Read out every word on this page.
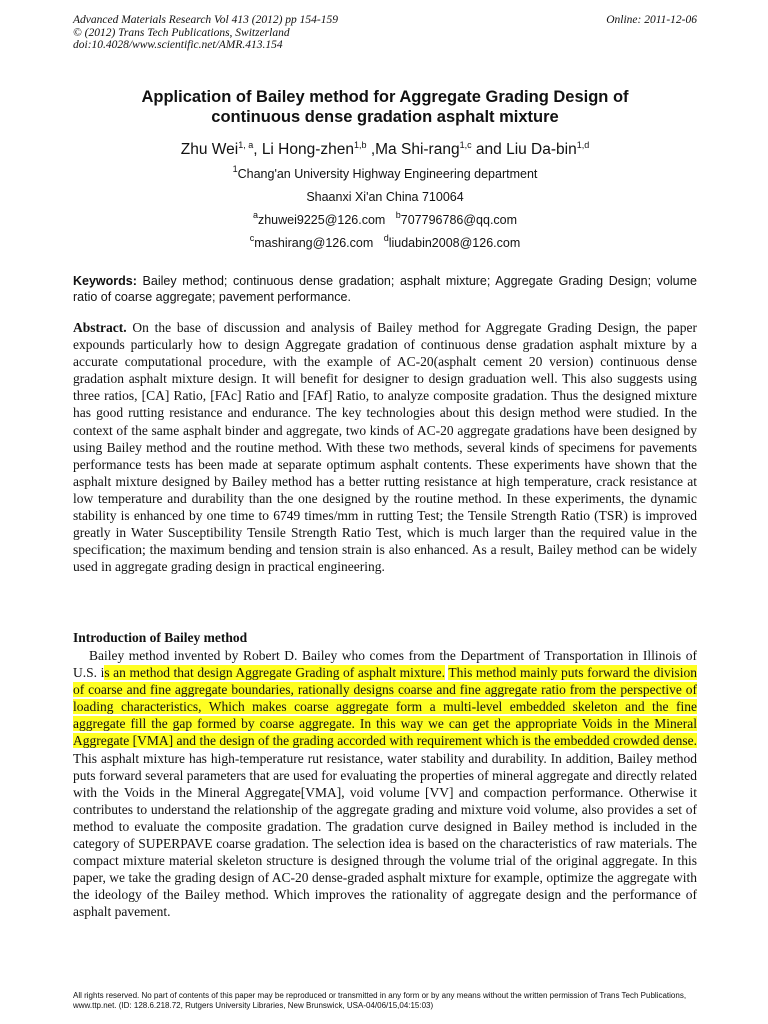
Advanced Materials Research Vol 413 (2012) pp 154-159
© (2012) Trans Tech Publications, Switzerland
doi:10.4028/www.scientific.net/AMR.413.154
Online: 2011-12-06
Application of Bailey method for Aggregate Grading Design of
continuous dense gradation asphalt mixture
Zhu Wei$^{1, a}$, Li Hong-zhen$^{1,b}$ ,Ma Shi-rang$^{1,c}$ and Liu Da-bin$^{1,d}$
$^1$Chang'an University Highway Engineering department
Shaanxi Xi'an China 710064
$^a$zhuwei9225@126.com $^b$707796786@qq.com
$^c$mashirang@126.com $^d$liudabin2008@126.com
Keywords: Bailey method; continuous dense gradation; asphalt mixture; Aggregate Grading Design; volume ratio of coarse aggregate; pavement performance.
Abstract. On the base of discussion and analysis of Bailey method for Aggregate Grading Design, the paper expounds particularly how to design Aggregate gradation of continuous dense gradation asphalt mixture by a accurate computational procedure, with the example of AC-20(asphalt cement 20 version) continuous dense gradation asphalt mixture design. It will benefit for designer to design graduation well. This also suggests using three ratios, [CA] Ratio, [FAc] Ratio and [FAf] Ratio, to analyze composite gradation. Thus the designed mixture has good rutting resistance and endurance. The key technologies about this design method were studied. In the context of the same asphalt binder and aggregate, two kinds of AC-20 aggregate gradations have been designed by using Bailey method and the routine method. With these two methods, several kinds of specimens for pavements performance tests has been made at separate optimum asphalt contents. These experiments have shown that the asphalt mixture designed by Bailey method has a better rutting resistance at high temperature, crack resistance at low temperature and durability than the one designed by the routine method. In these experiments, the dynamic stability is enhanced by one time to 6749 times/mm in rutting Test; the Tensile Strength Ratio (TSR) is improved greatly in Water Susceptibility Tensile Strength Ratio Test, which is much larger than the required value in the specification; the maximum bending and tension strain is also enhanced. As a result, Bailey method can be widely used in aggregate grading design in practical engineering.
Introduction of Bailey method
Bailey method invented by Robert D. Bailey who comes from the Department of Transportation in Illinois of U.S. is an method that design Aggregate Grading of asphalt mixture. This method mainly puts forward the division of coarse and fine aggregate boundaries, rationally designs coarse and fine aggregate ratio from the perspective of loading characteristics, Which makes coarse aggregate form a multi-level embedded skeleton and the fine aggregate fill the gap formed by coarse aggregate. In this way we can get the appropriate Voids in the Mineral Aggregate [VMA] and the design of the grading accorded with requirement which is the embedded crowded dense. This asphalt mixture has high-temperature rut resistance, water stability and durability. In addition, Bailey method puts forward several parameters that are used for evaluating the properties of mineral aggregate and directly related with the Voids in the Mineral Aggregate[VMA], void volume [VV] and compaction performance. Otherwise it contributes to understand the relationship of the aggregate grading and mixture void volume, also provides a set of method to evaluate the composite gradation. The gradation curve designed in Bailey method is included in the category of SUPERPAVE coarse gradation. The selection idea is based on the characteristics of raw materials. The compact mixture material skeleton structure is designed through the volume trial of the original aggregate. In this paper, we take the grading design of AC-20 dense-graded asphalt mixture for example, optimize the aggregate with the ideology of the Bailey method. Which improves the rationality of aggregate design and the performance of asphalt pavement.
All rights reserved. No part of contents of this paper may be reproduced or transmitted in any form or by any means without the written permission of Trans Tech Publications, www.ttp.net. (ID: 128.6.218.72, Rutgers University Libraries, New Brunswick, USA-04/06/15,04:15:03)
